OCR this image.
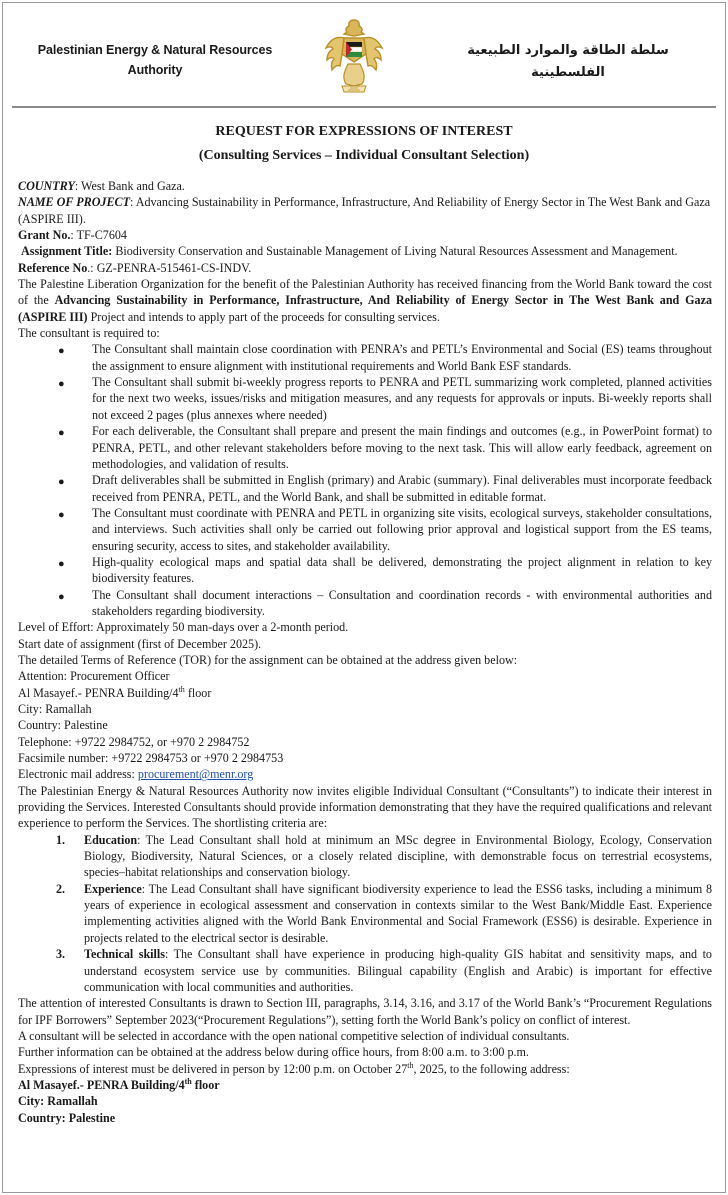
Palestinian Energy & Natural Resources
Authority
سلطة الطاقة والموارد الطبيعية
الفلسطينية
REQUEST FOR EXPRESSIONS OF INTEREST
(Consulting Services – Individual Consultant Selection)

COUNTRY: West Bank and Gaza.

NAME OF PROJECT: Advancing Sustainability in Performance, Infrastructure, And Reliability of Energy Sector in The West Bank and Gaza (ASPIRE III).

Grant No.: TF-C7604

Assignment Title: Biodiversity Conservation and Sustainable Management of Living Natural Resources Assessment and Management.

Reference No.: GZ-PENRA-515461-CS-INDV.

The Palestine Liberation Organization for the benefit of the Palestinian Authority has received financing from the World Bank toward the cost of the Advancing Sustainability in Performance, Infrastructure, And Reliability of Energy Sector in The West Bank and Gaza (ASPIRE III) Project and intends to apply part of the proceeds for consulting services.

The consultant is required to:

● The Consultant shall maintain close coordination with PENRA’s and PETL’s Environmental and Social (ES) teams throughout the assignment to ensure alignment with institutional requirements and World Bank ESF standards.
● The Consultant shall submit bi-weekly progress reports to PENRA and PETL summarizing work completed, planned activities for the next two weeks, issues/risks and mitigation measures, and any requests for approvals or inputs. Bi-weekly reports shall not exceed 2 pages (plus annexes where needed)
● For each deliverable, the Consultant shall prepare and present the main findings and outcomes (e.g., in PowerPoint format) to PENRA, PETL, and other relevant stakeholders before moving to the next task. This will allow early feedback, agreement on methodologies, and validation of results.
● Draft deliverables shall be submitted in English (primary) and Arabic (summary). Final deliverables must incorporate feedback received from PENRA, PETL, and the World Bank, and shall be submitted in editable format.
● The Consultant must coordinate with PENRA and PETL in organizing site visits, ecological surveys, stakeholder consultations, and interviews. Such activities shall only be carried out following prior approval and logistical support from the ES teams, ensuring security, access to sites, and stakeholder availability.
● High-quality ecological maps and spatial data shall be delivered, demonstrating the project alignment in relation to key biodiversity features.
● The Consultant shall document interactions – Consultation and coordination records - with environmental authorities and stakeholders regarding biodiversity.

Level of Effort: Approximately 50 man-days over a 2-month period.

Start date of assignment (first of December 2025).

The detailed Terms of Reference (TOR) for the assignment can be obtained at the address given below:

Attention: Procurement Officer

Al Masayef.- PENRA Building/4th floor

City: Ramallah

Country: Palestine

Telephone: +9722 2984752, or +970 2 2984752

Facsimile number: +9722 2984753 or +970 2 2984753

Electronic mail address: procurement@menr.org

The Palestinian Energy & Natural Resources Authority now invites eligible Individual Consultant (“Consultants”) to indicate their interest in providing the Services. Interested Consultants should provide information demonstrating that they have the required qualifications and relevant experience to perform the Services. The shortlisting criteria are:

1. Education: The Lead Consultant shall hold at minimum an MSc degree in Environmental Biology, Ecology, Conservation Biology, Biodiversity, Natural Sciences, or a closely related discipline, with demonstrable focus on terrestrial ecosystems, species–habitat relationships and conservation biology.
2. Experience: The Lead Consultant shall have significant biodiversity experience to lead the ESS6 tasks, including a minimum 8 years of experience in ecological assessment and conservation in contexts similar to the West Bank/Middle East. Experience implementing activities aligned with the World Bank Environmental and Social Framework (ESS6) is desirable. Experience in projects related to the electrical sector is desirable.
3. Technical skills: The Consultant shall have experience in producing high-quality GIS habitat and sensitivity maps, and to understand ecosystem service use by communities. Bilingual capability (English and Arabic) is important for effective communication with local communities and authorities.

The attention of interested Consultants is drawn to Section III, paragraphs, 3.14, 3.16, and 3.17 of the World Bank’s “Procurement Regulations for IPF Borrowers” September 2023(“Procurement Regulations”), setting forth the World Bank’s policy on conflict of interest.

A consultant will be selected in accordance with the open national competitive selection of individual consultants.

Further information can be obtained at the address below during office hours, from 8:00 a.m. to 3:00 p.m.

Expressions of interest must be delivered in person by 12:00 p.m. on October 27th, 2025, to the following address:

Al Masayef.- PENRA Building/4th floor

City: Ramallah

Country: Palestine
